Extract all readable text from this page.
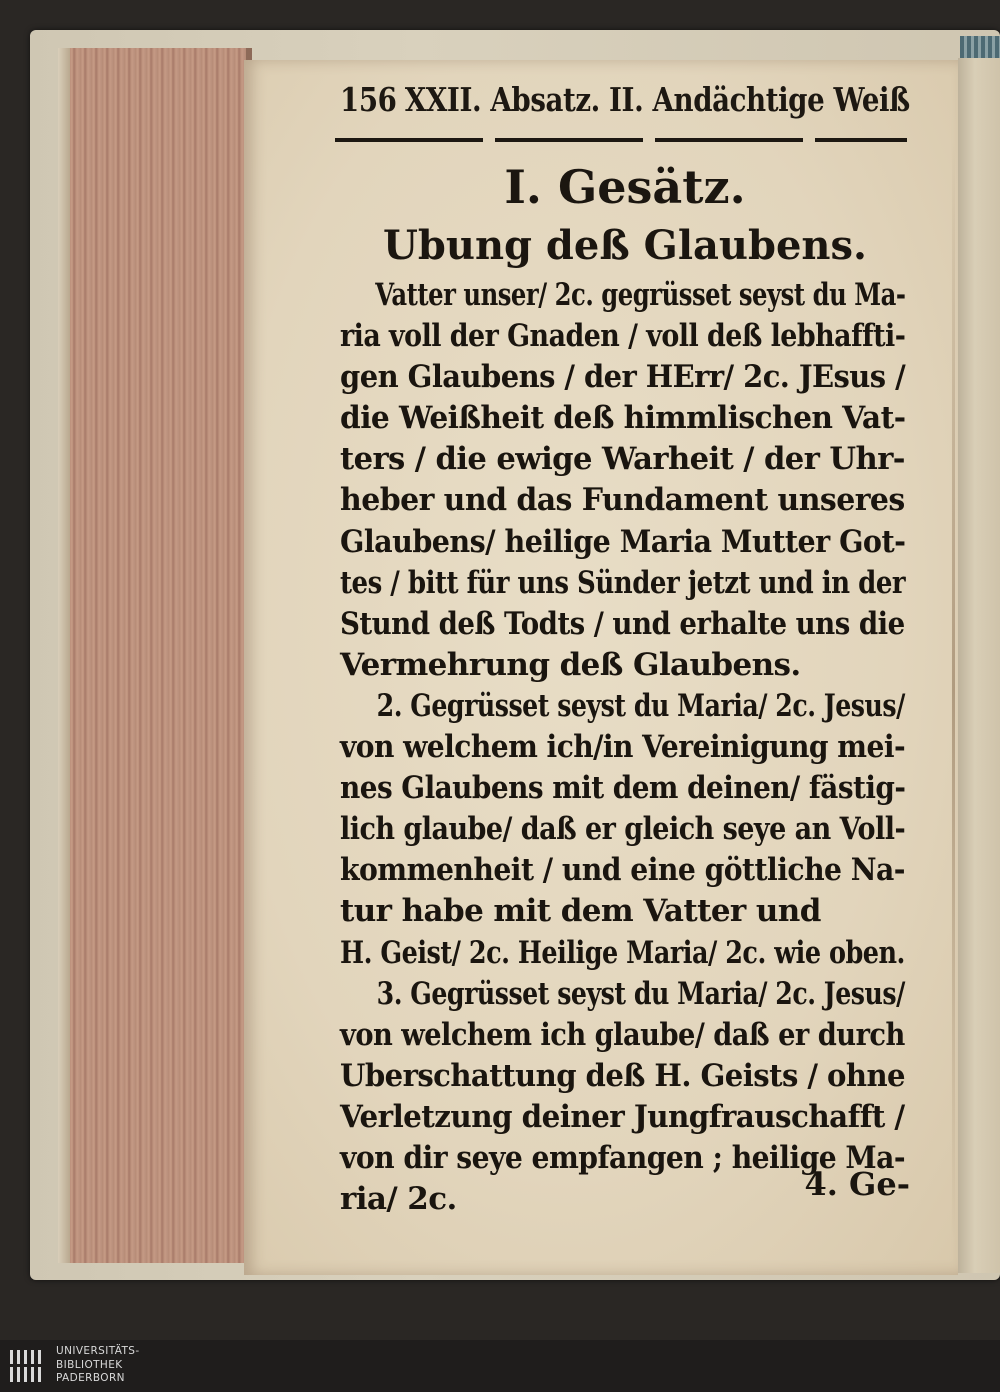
156 XXII. Absatz. II. Andächtige Weiß
I. Gesätz.
Ubung deß Glaubens.
Vatter unser/ 2c. gegrüsset seyst du Ma-
ria voll der Gnaden / voll deß lebhaffti-
gen Glaubens / der HErr/ 2c. JEsus /
die Weißheit deß himmlischen Vat-
ters / die ewige Warheit / der Uhr-
heber und das Fundament unseres
Glaubens/ heilige Maria Mutter Got-
tes / bitt für uns Sünder jetzt und in der
Stund deß Todts / und erhalte uns die
Vermehrung deß Glaubens.
2. Gegrüsset seyst du Maria/ 2c. Jesus/
von welchem ich/in Vereinigung mei-
nes Glaubens mit dem deinen/ fästig-
lich glaube/ daß er gleich seye an Voll-
kommenheit / und eine göttliche Na-
tur habe mit dem Vatter und
H. Geist/ 2c. Heilige Maria/ 2c. wie oben.
3. Gegrüsset seyst du Maria/ 2c. Jesus/
von welchem ich glaube/ daß er durch
Uberschattung deß H. Geists / ohne
Verletzung deiner Jungfrauschafft /
von dir seye empfangen ; heilige Ma-
ria/ 2c.	4. Ge-
UNIVERSITÄTS-
BIBLIOTHEK
PADERBORN
